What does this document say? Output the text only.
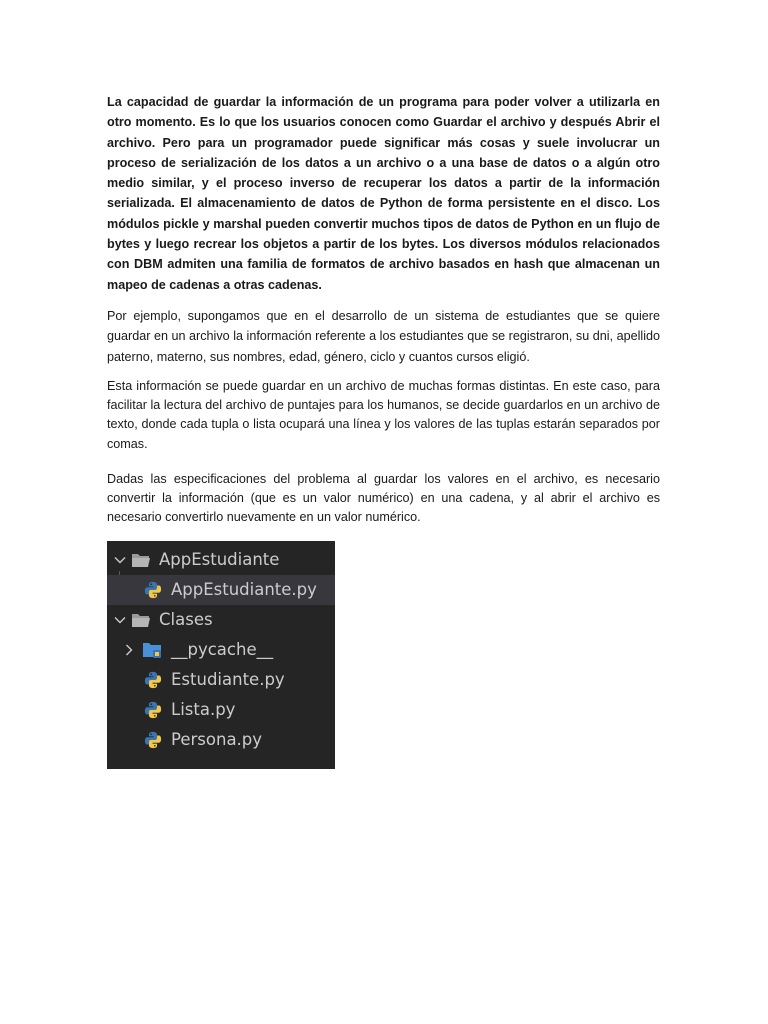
La capacidad de guardar la información de un programa para poder volver a utilizarla en otro momento. Es lo que los usuarios conocen como Guardar el archivo y después Abrir el archivo. Pero para un programador puede significar más cosas y suele involucrar un proceso de serialización de los datos a un archivo o a una base de datos o a algún otro medio similar, y el proceso inverso de recuperar los datos a partir de la información serializada. El almacenamiento de datos de Python de forma persistente en el disco. Los módulos pickle y marshal pueden convertir muchos tipos de datos de Python en un flujo de bytes y luego recrear los objetos a partir de los bytes. Los diversos módulos relacionados con DBM admiten una familia de formatos de archivo basados en hash que almacenan un mapeo de cadenas a otras cadenas.

Por ejemplo, supongamos que en el desarrollo de un sistema de estudiantes que se quiere guardar en un archivo la información referente a los estudiantes que se registraron, su dni, apellido paterno, materno, sus nombres, edad, género, ciclo y cuantos cursos eligió.

Esta información se puede guardar en un archivo de muchas formas distintas. En este caso, para facilitar la lectura del archivo de puntajes para los humanos, se decide guardarlos en un archivo de texto, donde cada tupla o lista ocupará una línea y los valores de las tuplas estarán separados por comas.

Dadas las especificaciones del problema al guardar los valores en el archivo, es necesario convertir la información (que es un valor numérico) en una cadena, y al abrir el archivo es necesario convertirlo nuevamente en un valor numérico.

AppEstudiante
AppEstudiante.py
Clases
__pycache__
Estudiante.py
Lista.py
Persona.py
